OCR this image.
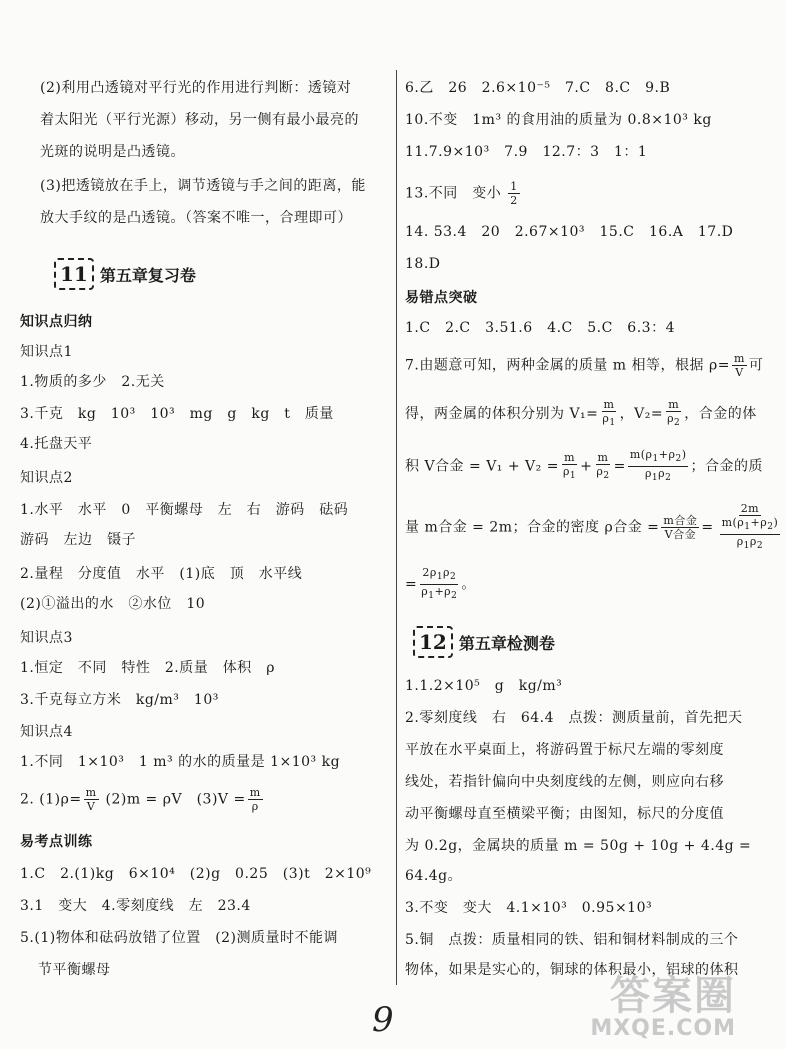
(2)利用凸透镜对平行光的作用进行判断：透镜对
着太阳光（平行光源）移动，另一侧有最小最亮的
光斑的说明是凸透镜。
(3)把透镜放在手上，调节透镜与手之间的距离，能
放大手纹的是凸透镜。（答案不唯一，合理即可）
11 第五章复习卷
知识点归纳
知识点1
1.物质的多少　2.无关
3.千克　kg　10³　10³　mg　g　kg　t　质量
4.托盘天平
知识点2
1.水平　水平　0　平衡螺母　左　右　游码　砝码
游码　左边　镊子
2.量程　分度值　水平　(1)底　顶　水平线
(2)①溢出的水　②水位　10
知识点3
1.恒定　不同　特性　2.质量　体积　ρ
3.千克每立方米　kg/m³　10³
知识点4
1.不同　1×10³　1 m³ 的水的质量是 1×10³ kg
2. $(1)\rho= \frac{m}{V} (2)m = \rho V$　$(3)V = \frac{m}{\rho}$
易考点训练
1.C　2.(1)kg　6×10⁴　(2)g　0.25　(3)t　2×10⁹
3.1　变大　4.零刻度线　左　23.4
5.(1)物体和砝码放错了位置　(2)测质量时不能调
节平衡螺母
6.乙　26　2.6×10⁻⁵　7.C　8.C　9.B
10.不变　1m³ 的食用油的质量为 0.8×10³ kg
11.7.9×10³　7.9　12.7：3　1：1
13.不同　变小 $\frac{1}{2}$
14. 53.4　20　2.67×10³　15.C　16.A　17.D
18.D
易错点突破
1.C　2.C　3.51.6　4.C　5.C　6.3：4
7.由题意可知，两种金属的质量 m 相等，根据 $\rho= \frac{m}{V}$ 可
得，两金属的体积分别为 $V_1= \frac{m}{\rho_1}$ ，$V_2= \frac{m}{\rho_2}$ ，合金的体
积 V合金 = $V_1 + V_2 = \frac{m}{\rho_1} + \frac{m}{\rho_2} = \frac{m(\rho_1+\rho_2)}{\rho_1\rho_2}$ ；合金的质
量 m合金 = 2m；合金的密度 ρ合金 = $\frac{\text{m合金}}{\text{V合金}} = \frac{2m}{\frac{m(\rho_1+\rho_2)}{\rho_1\rho_2}}$
= $\frac{2\rho_1\rho_2}{\rho_1+\rho_2}$ 。
12 第五章检测卷
1.1.2×10⁵　g　kg/m³
2.零刻度线　右　64.4　点拨：测质量前，首先把天
平放在水平桌面上，将游码置于标尺左端的零刻度
线处，若指针偏向中央刻度线的左侧，则应向右移
动平衡螺母直至横梁平衡；由图知，标尺的分度值
为 0.2g，金属块的质量 m = 50g + 10g + 4.4g =
64.4g。
3.不变　变大　4.1×10³　0.95×10³
5.铜　点拨：质量相同的铁、铝和铜材料制成的三个
物体，如果是实心的，铜球的体积最小，铝球的体积
9
答案圈
MXQE.COM
